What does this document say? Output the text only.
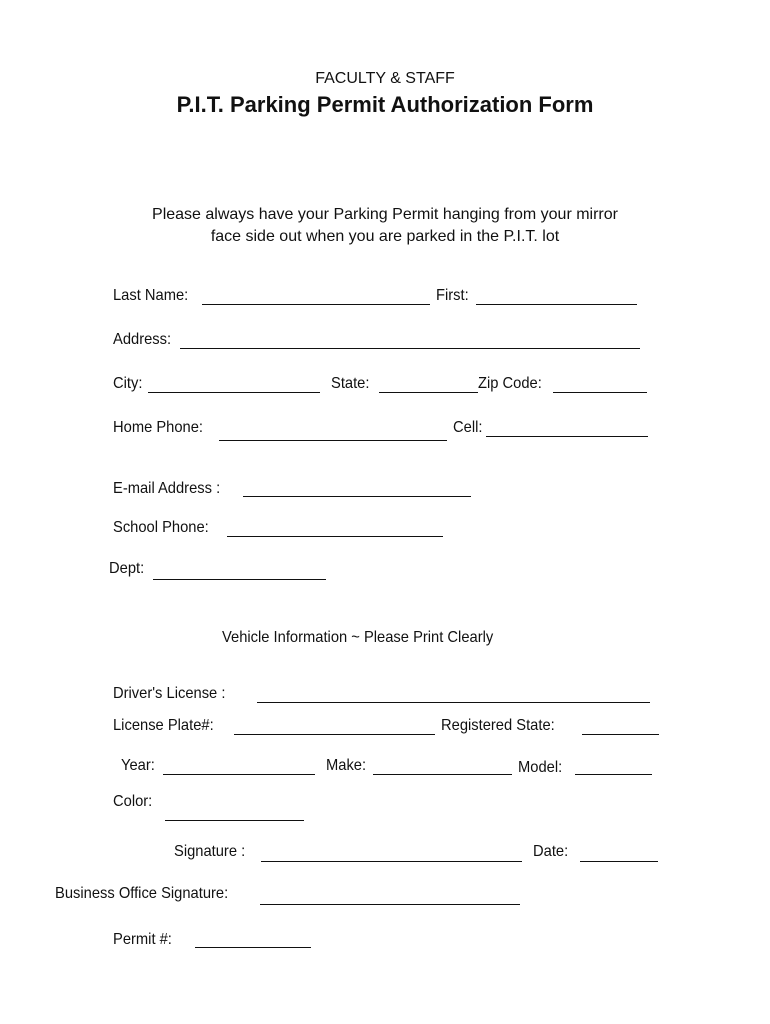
FACULTY & STAFF
P.I.T. Parking Permit Authorization Form
Please always have your Parking Permit hanging from your mirror
face side out when you are parked in the P.I.T. lot
Last Name:	First:
Address:
City:	State:	Zip Code:
Home Phone:	Cell:
E-mail Address :
School Phone:
Dept:
Vehicle Information ~ Please Print Clearly
Driver's License :
License Plate#:	Registered State:
Year:	Make:	Model:
Color:
Signature :	Date:
Business Office Signature:
Permit #:
